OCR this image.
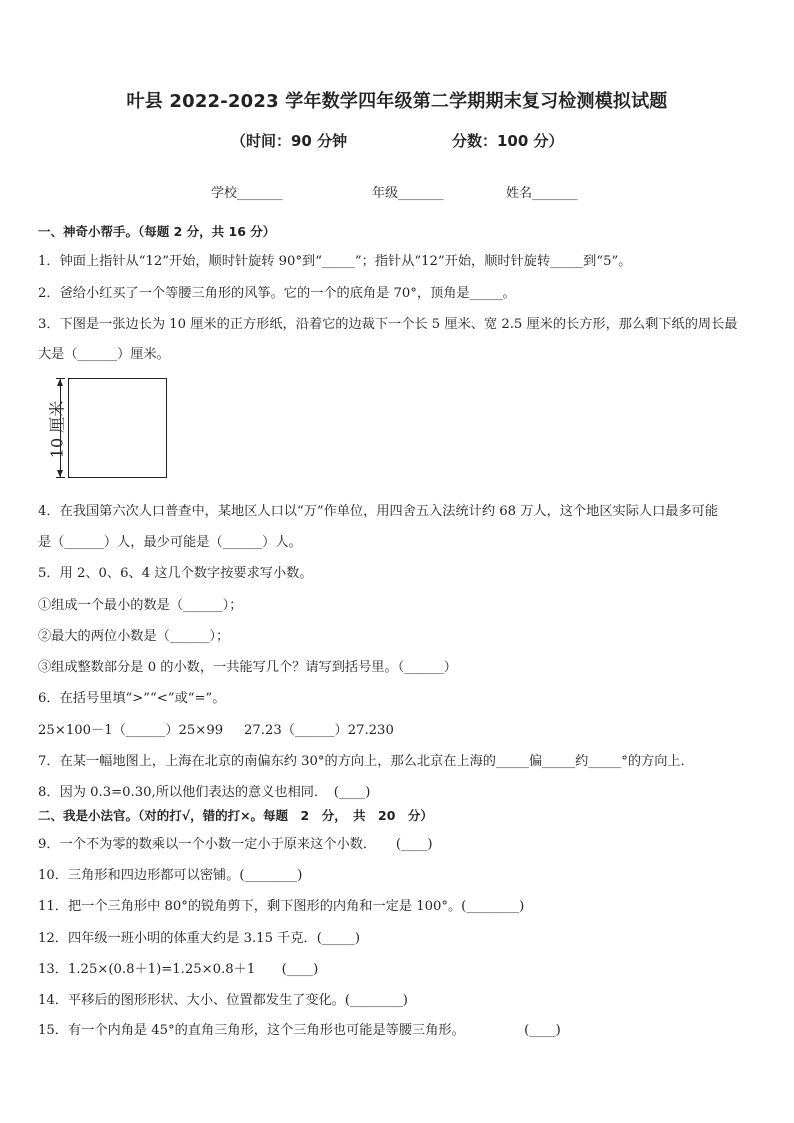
叶县 2022-2023 学年数学四年级第二学期期末复习检测模拟试题
（时间：90 分钟	分数：100 分）
学校_______	年级_______	姓名_______
一、神奇小帮手。（每题 2 分，共 16 分）
1．钟面上指针从“12”开始，顺时针旋转 90°到“_____”；指针从“12”开始，顺时针旋转_____到“5”。
2．爸给小红买了一个等腰三角形的风筝。它的一个的底角是 70°，顶角是_____。
3．下图是一张边长为 10 厘米的正方形纸，沿着它的边裁下一个长 5 厘米、宽 2.5 厘米的长方形，那么剩下纸的周长最
大是（______）厘米。
10 厘米
4．在我国第六次人口普查中，某地区人口以“万”作单位，用四舍五入法统计约 68 万人，这个地区实际人口最多可能
是（______）人，最少可能是（______）人。
5．用 2、0、6、4 这几个数字按要求写小数。
①组成一个最小的数是（______）；
②最大的两位小数是（______）；
③组成整数部分是 0 的小数，一共能写几个？请写到括号里。（______）
6．在括号里填“>”“<”或“=”。
25×100－1（______）25×99 27.23（______）27.230
7．在某一幅地图上，上海在北京的南偏东约 30°的方向上，那么北京在上海的_____偏_____约_____°的方向上．
8．因为 0.3=0.30,所以他们表达的意义也相同．　(____)
二、我是小法官。（对的打√，错的打×。每题　2　分，　共　20　分）
9．一个不为零的数乘以一个小数一定小于原来这个小数．　　(____)
10．三角形和四边形都可以密铺。(________)
11．把一个三角形中 80°的锐角剪下，剩下图形的内角和一定是 100°。(________)
12．四年级一班小明的体重大约是 3.15 千克．(_____)
13．1.25×(0.8＋1)=1.25×0.8＋1　　(____)
14．平移后的图形形状、大小、位置都发生了变化。(________)
15．有一个内角是 45°的直角三角形，这个三角形也可能是等腰三角形。　　　　　(____)
